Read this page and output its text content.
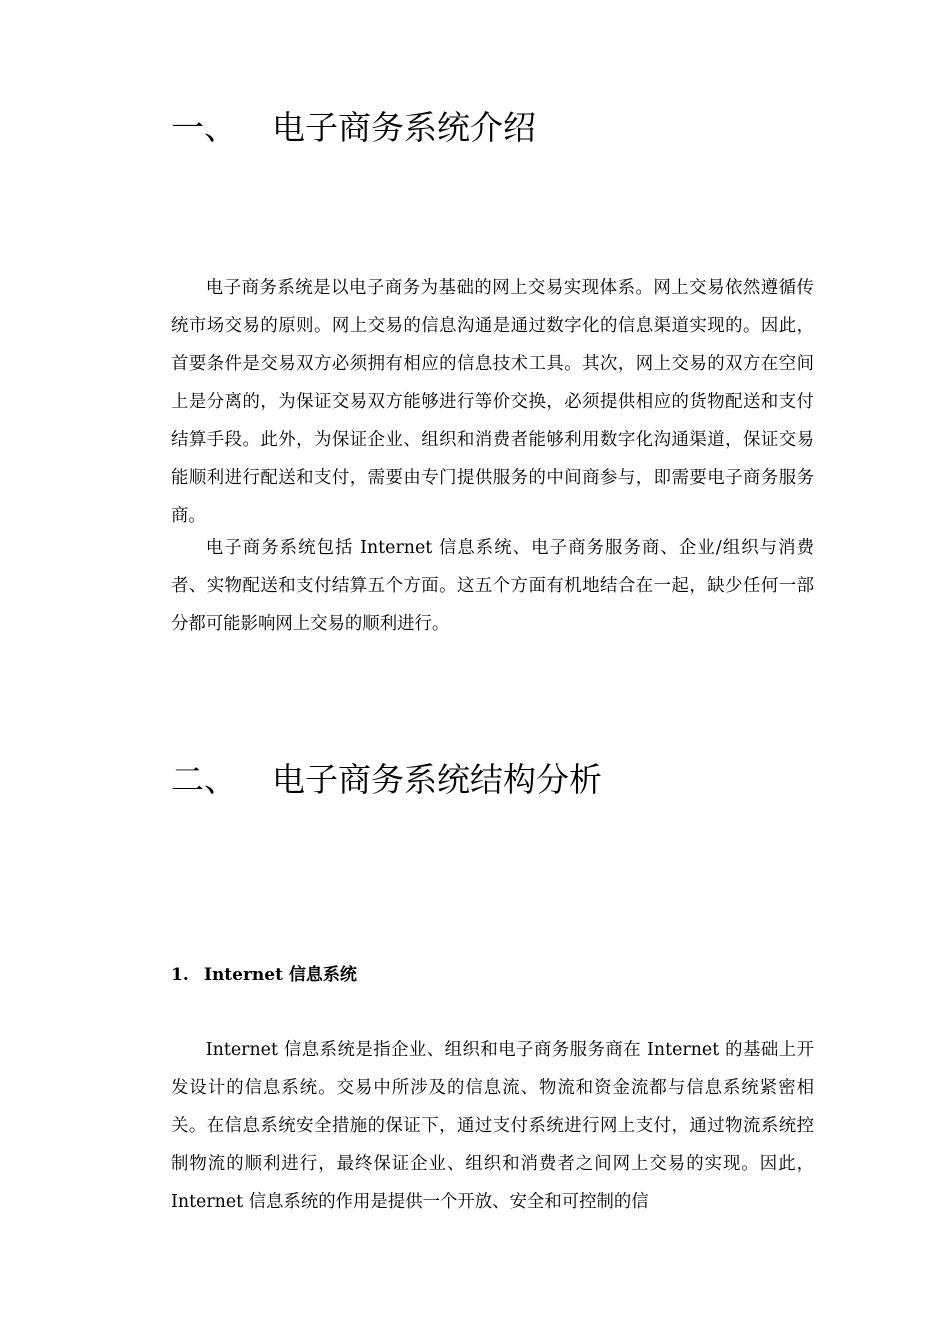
一、 电子商务系统介绍

电子商务系统是以电子商务为基础的网上交易实现体系。网上交易依然遵循传统市场交易的原则。网上交易的信息沟通是通过数字化的信息渠道实现的。因此，首要条件是交易双方必须拥有相应的信息技术工具。其次，网上交易的双方在空间上是分离的，为保证交易双方能够进行等价交换，必须提供相应的货物配送和支付结算手段。此外，为保证企业、组织和消费者能够利用数字化沟通渠道，保证交易能顺利进行配送和支付，需要由专门提供服务的中间商参与，即需要电子商务服务商。

电子商务系统包括 Internet 信息系统、电子商务服务商、企业/组织与消费者、实物配送和支付结算五个方面。这五个方面有机地结合在一起，缺少任何一部分都可能影响网上交易的顺利进行。

二、 电子商务系统结构分析
1. Internet 信息系统

Internet 信息系统是指企业、组织和电子商务服务商在 Internet 的基础上开发设计的信息系统。交易中所涉及的信息流、物流和资金流都与信息系统紧密相关。在信息系统安全措施的保证下，通过支付系统进行网上支付，通过物流系统控制物流的顺利进行，最终保证企业、组织和消费者之间网上交易的实现。因此，Internet 信息系统的作用是提供一个开放、安全和可控制的信
